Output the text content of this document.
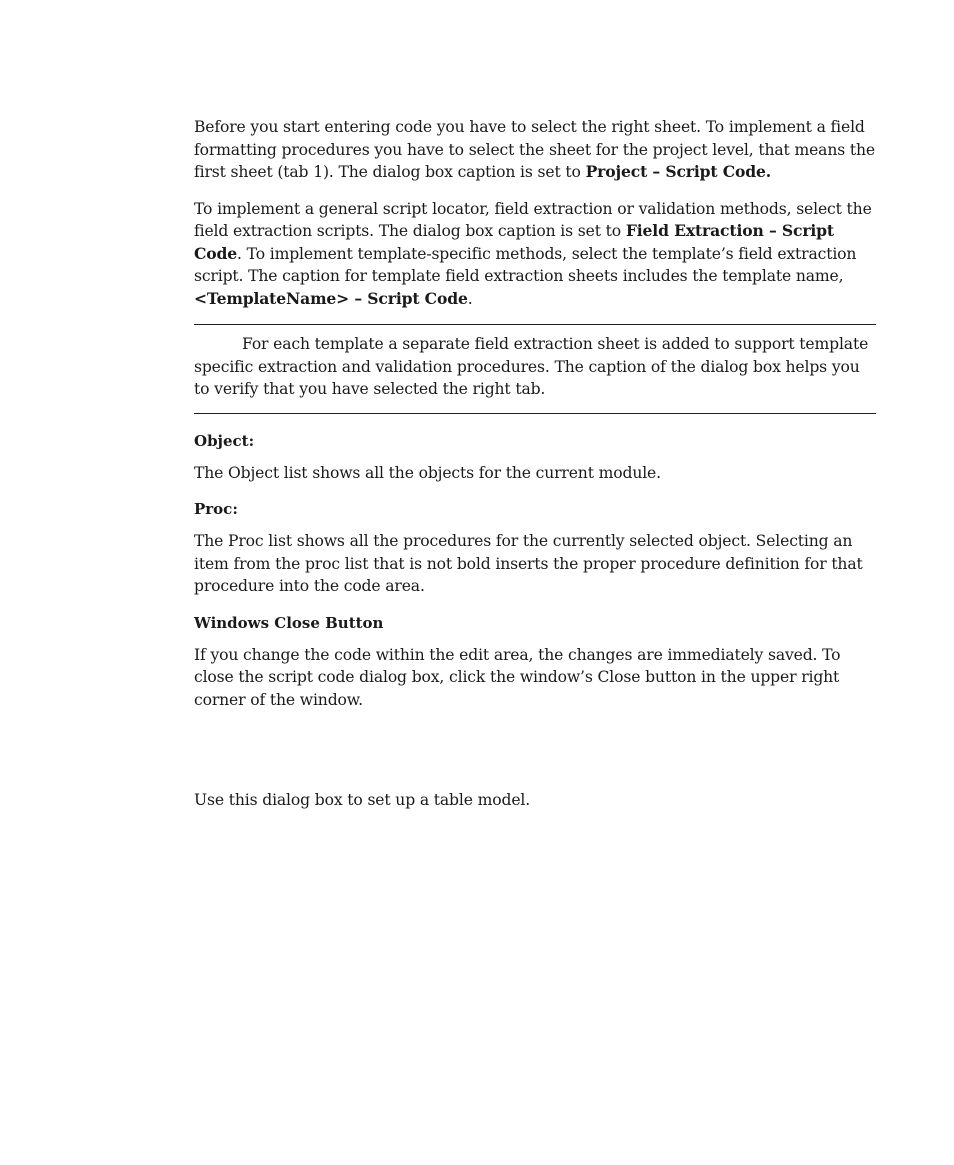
Before you start entering code you have to select the right sheet. To implement a field formatting procedures you have to select the sheet for the project level, that means the first sheet (tab 1). The dialog box caption is set to Project – Script Code.

To implement a general script locator, field extraction or validation methods, select the field extraction scripts. The dialog box caption is set to Field Extraction – Script Code. To implement template-specific methods, select the template’s field extraction script. The caption for template field extraction sheets includes the template name, <TemplateName> – Script Code.

For each template a separate field extraction sheet is added to support template specific extraction and validation procedures. The caption of the dialog box helps you to verify that you have selected the right tab.

Object:

The Object list shows all the objects for the current module.

Proc:

The Proc list shows all the procedures for the currently selected object. Selecting an item from the proc list that is not bold inserts the proper procedure definition for that procedure into the code area.

Windows Close Button

If you change the code within the edit area, the changes are immediately saved. To close the script code dialog box, click the window’s Close button in the upper right corner of the window.

Use this dialog box to set up a table model.
